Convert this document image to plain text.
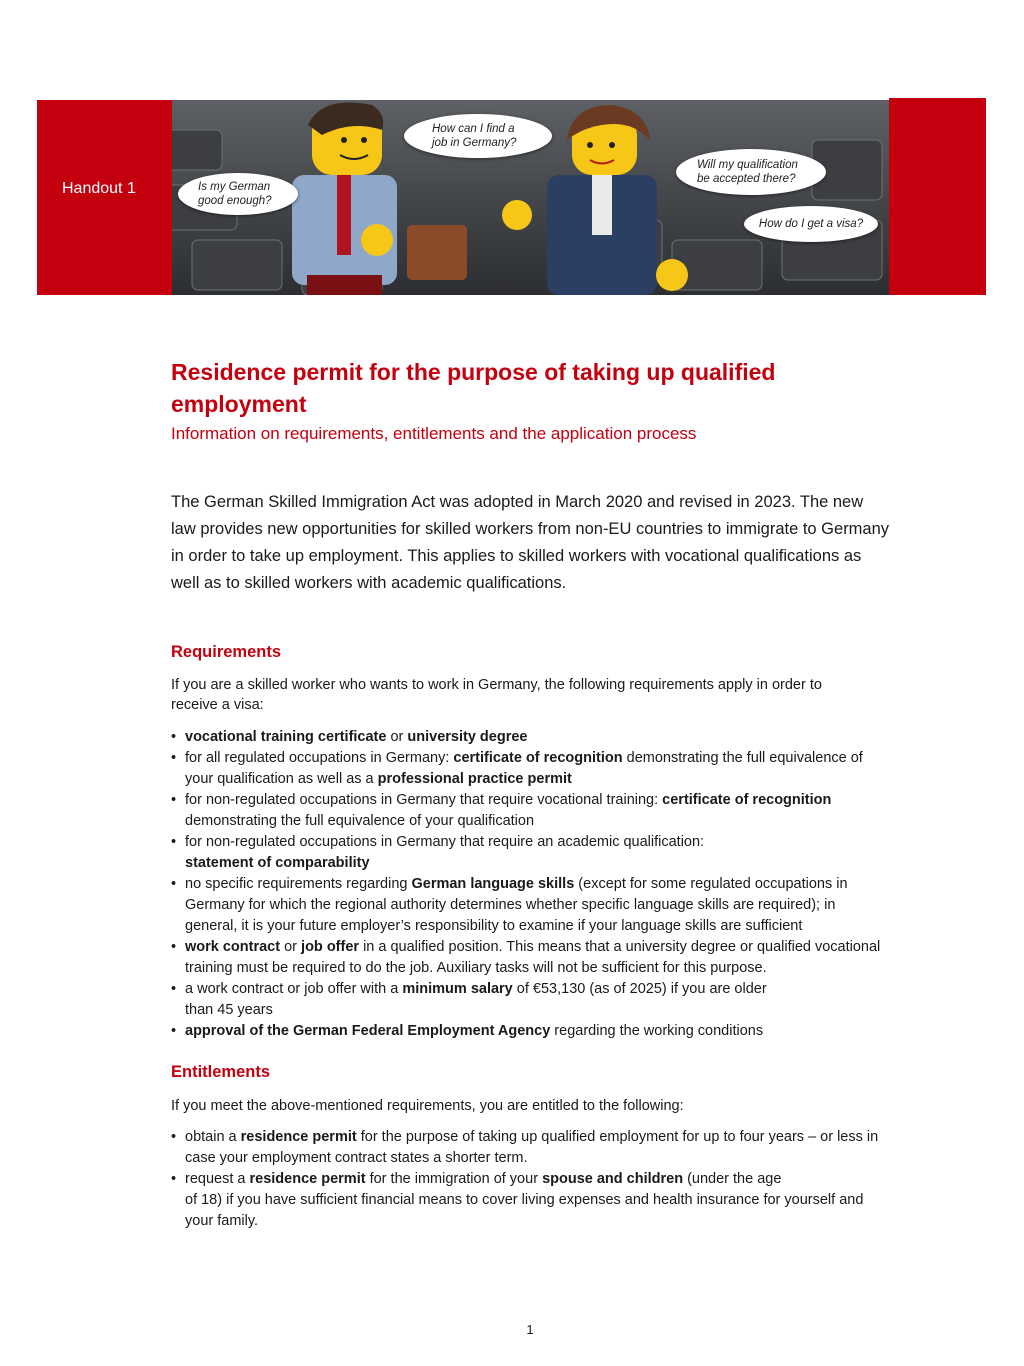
Handout 1	Is my German good enough?
How can I find a job in Germany?
Will my qualification be accepted there?
How do I get a visa?
Residence permit for the purpose of taking up qualified employment

Information on requirements, entitlements and the application process

The German Skilled Immigration Act was adopted in March 2020 and revised in 2023. The new law provides new opportunities for skilled workers from non-EU countries to immigrate to Germany in order to take up employment. This applies to skilled workers with vocational qualifications as well as to skilled workers with academic qualifications.

Requirements

If you are a skilled worker who wants to work in Germany, the following requirements apply in order to receive a visa:

• vocational training certificate or university degree
• for all regulated occupations in Germany: certificate of recognition demonstrating the full equivalence of your qualification as well as a professional practice permit
• for non-regulated occupations in Germany that require vocational training: certificate of recognition demonstrating the full equivalence of your qualification
• for non-regulated occupations in Germany that require an academic qualification:
statement of comparability
• no specific requirements regarding German language skills (except for some regulated occupations in Germany for which the regional authority determines whether specific language skills are required); in general, it is your future employer’s responsibility to examine if your language skills are sufficient
• work contract or job offer in a qualified position. This means that a university degree or qualified vocational training must be required to do the job. Auxiliary tasks will not be sufficient for this purpose.
• a work contract or job offer with a minimum salary of €53,130 (as of 2025) if you are older
than 45 years
• approval of the German Federal Employment Agency regarding the working conditions
Entitlements

If you meet the above-mentioned requirements, you are entitled to the following:

• obtain a residence permit for the purpose of taking up qualified employment for up to four years – or less in case your employment contract states a shorter term.
• request a residence permit for the immigration of your spouse and children (under the age
of 18) if you have sufficient financial means to cover living expenses and health insurance for yourself and your family.
1
